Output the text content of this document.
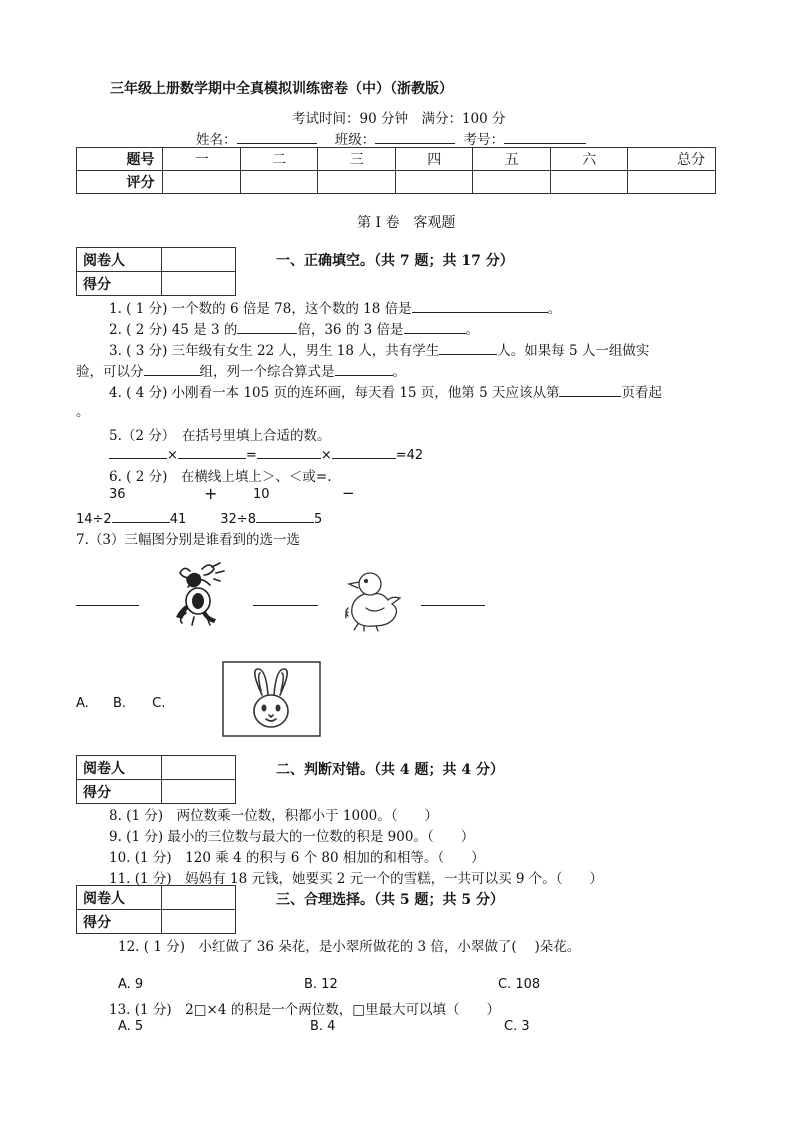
三年级上册数学期中全真模拟训练密卷（中）（浙教版）
考试时间：90 分钟　满分：100 分
姓名：	班级：	考号：
题号	一	二	三	四	五	六	总分
评分							
第 I 卷　客观题
阅卷人	
得分	
一、正确填空。（共 7 题；共 17 分）
1. ( 1 分) 一个数的 6 倍是 78，这个数的 18 倍是	。
2. ( 2 分) 45 是 3 的	倍，36 的 3 倍是	。
3. ( 3 分) 三年级有女生 22 人，男生 18 人，共有学生	人。如果每 5 人一组做实
验，可以分	组，列一个综合算式是	。
4. ( 4 分) 小刚看一本 105 页的连环画，每天看 15 页，他第 5 天应该从第	页看起
。
5.（2 分）　在括号里填上合适的数。
×	=	×	=42
6. ( 2 分)　在横线上填上＞、＜或=.
36	+	10	−
14÷2	41	32÷8	5
7.（3）三幅图分别是谁看到的选一选
A. B. C.
阅卷人	
得分	
二、判断对错。（共 4 题；共 4 分）
8. (1 分)　两位数乘一位数，积都小于 1000。（　　）
9. (1 分) 最小的三位数与最大的一位数的积是 900。（　　）
10. (1 分)　120 乘 4 的积与 6 个 80 相加的和相等。（　　）
11. (1 分)　妈妈有 18 元钱，她要买 2 元一个的雪糕，一共可以买 9 个。（　　）
阅卷人	
得分	
三、合理选择。（共 5 题；共 5 分）
12. ( 1 分)　小红做了 36 朵花，是小翠所做花的 3 倍，小翠做了(　 )朵花。
A. 9	B. 12	C. 108
13. (1 分)　2□×4 的积是一个两位数，□里最大可以填（　　）
A. 5	B. 4	C. 3
